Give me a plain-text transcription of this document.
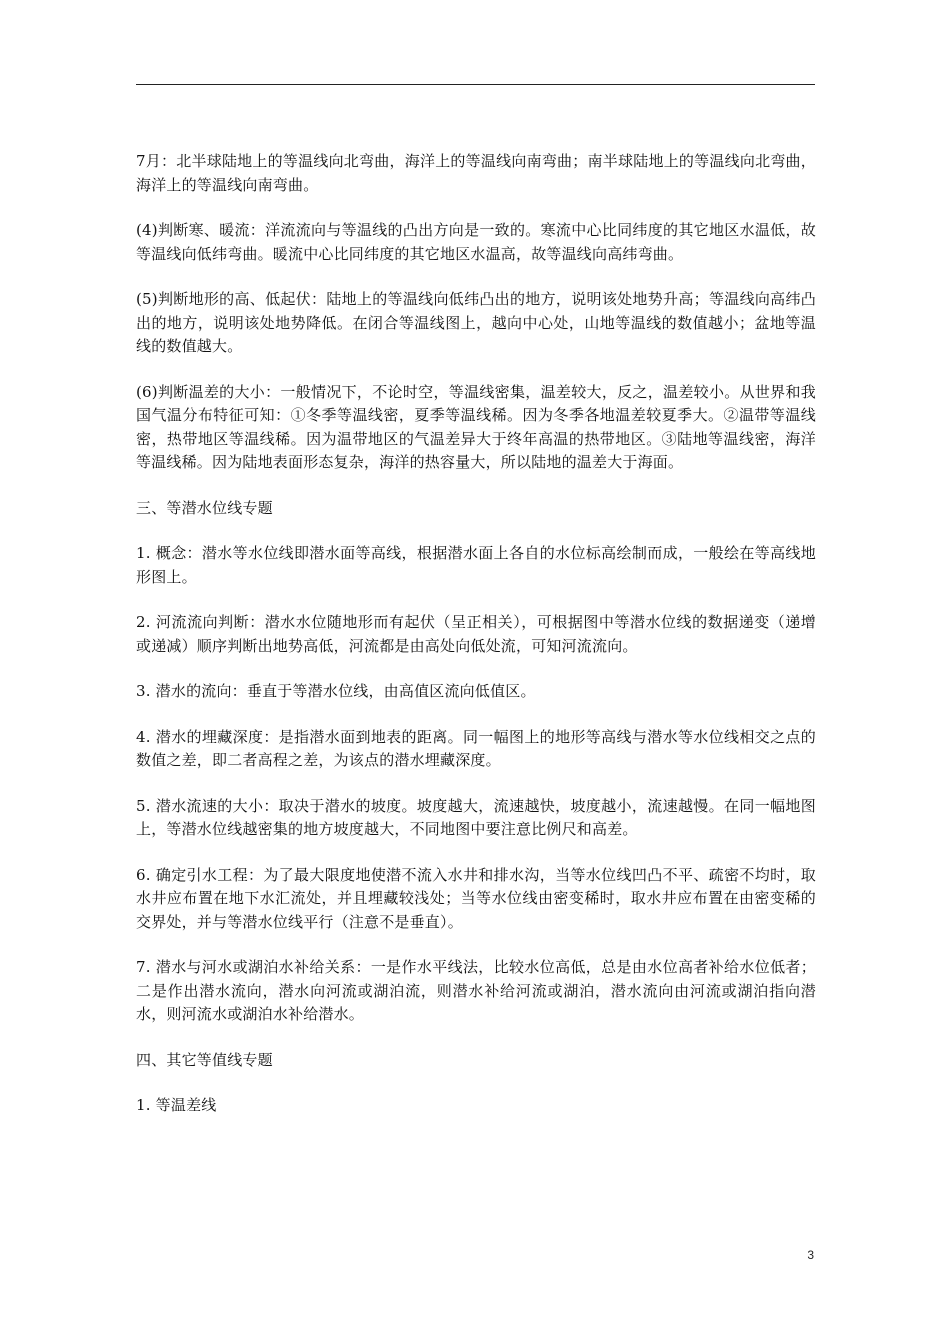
7月：北半球陆地上的等温线向北弯曲，海洋上的等温线向南弯曲；南半球陆地上的等温线向北弯曲，海洋上的等温线向南弯曲。

(4)判断寒、暖流：洋流流向与等温线的凸出方向是一致的。寒流中心比同纬度的其它地区水温低，故等温线向低纬弯曲。暖流中心比同纬度的其它地区水温高，故等温线向高纬弯曲。

(5)判断地形的高、低起伏：陆地上的等温线向低纬凸出的地方，说明该处地势升高；等温线向高纬凸出的地方，说明该处地势降低。在闭合等温线图上，越向中心处，山地等温线的数值越小；盆地等温线的数值越大。

(6)判断温差的大小：一般情况下，不论时空，等温线密集，温差较大，反之，温差较小。从世界和我国气温分布特征可知：①冬季等温线密，夏季等温线稀。因为冬季各地温差较夏季大。②温带等温线密，热带地区等温线稀。因为温带地区的气温差异大于终年高温的热带地区。③陆地等温线密，海洋等温线稀。因为陆地表面形态复杂，海洋的热容量大，所以陆地的温差大于海面。

三、等潜水位线专题

1. 概念：潜水等水位线即潜水面等高线，根据潜水面上各自的水位标高绘制而成，一般绘在等高线地形图上。

2. 河流流向判断：潜水水位随地形而有起伏（呈正相关），可根据图中等潜水位线的数据递变（递增或递减）顺序判断出地势高低，河流都是由高处向低处流，可知河流流向。

3. 潜水的流向：垂直于等潜水位线，由高值区流向低值区。

4. 潜水的埋藏深度：是指潜水面到地表的距离。同一幅图上的地形等高线与潜水等水位线相交之点的数值之差，即二者高程之差，为该点的潜水埋藏深度。

5. 潜水流速的大小：取决于潜水的坡度。坡度越大，流速越快，坡度越小，流速越慢。在同一幅地图上，等潜水位线越密集的地方坡度越大，不同地图中要注意比例尺和高差。

6. 确定引水工程：为了最大限度地使潜不流入水井和排水沟，当等水位线凹凸不平、疏密不均时，取水井应布置在地下水汇流处，并且埋藏较浅处；当等水位线由密变稀时，取水井应布置在由密变稀的交界处，并与等潜水位线平行（注意不是垂直）。

7. 潜水与河水或湖泊水补给关系：一是作水平线法，比较水位高低，总是由水位高者补给水位低者；二是作出潜水流向，潜水向河流或湖泊流，则潜水补给河流或湖泊，潜水流向由河流或湖泊指向潜水，则河流水或湖泊水补给潜水。

四、其它等值线专题

1. 等温差线

3
